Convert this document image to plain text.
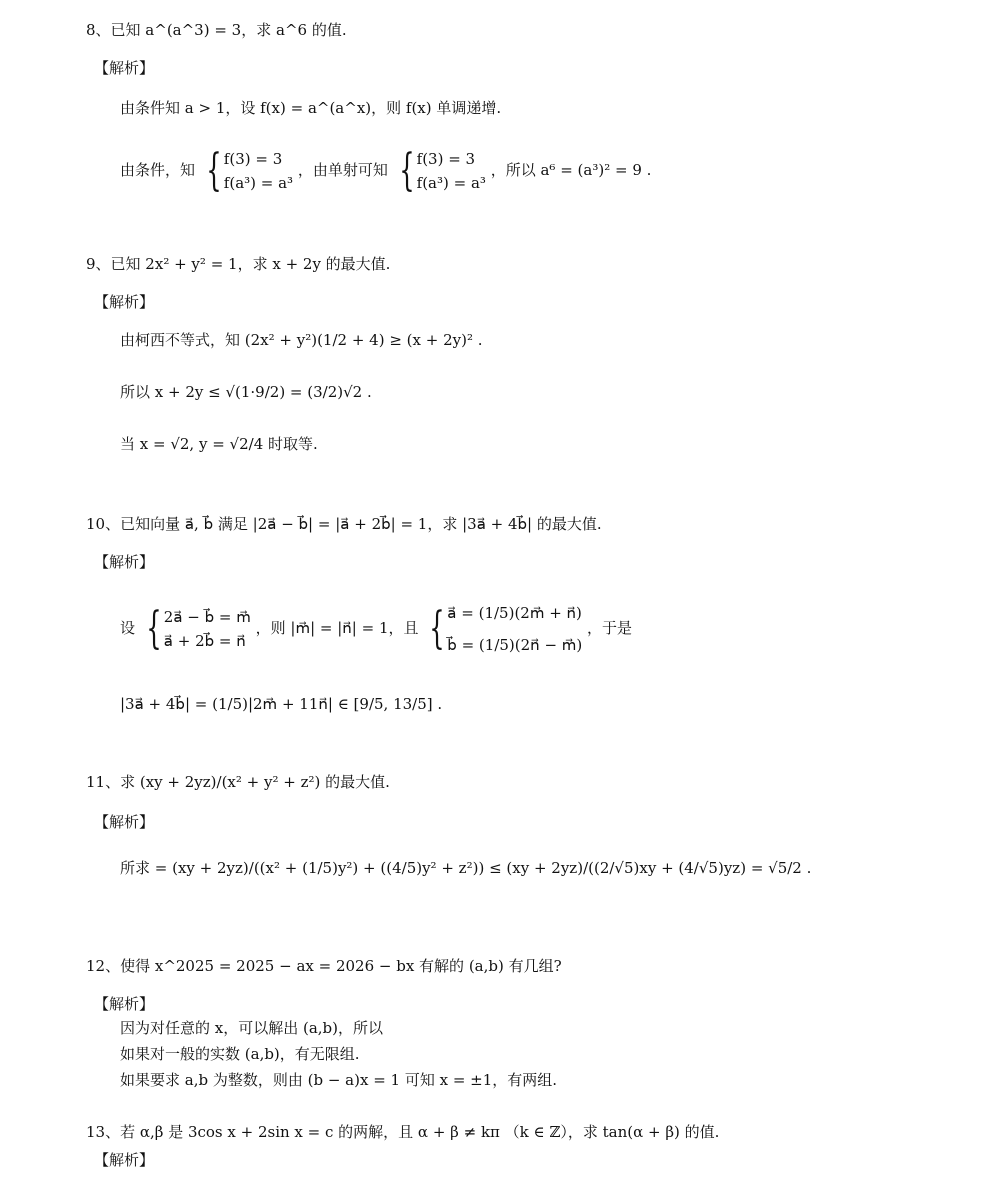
8、已知 a^(a^3) = 3，求 a^6 的值.
【解析】
由条件知 a > 1，设 f(x) = a^(a^x)，则 f(x) 单调递增.
由条件，知 { f(3) = 3
f(a³) = a³
，由单射可知 { f(3) = 3
f(a³) = a³
，所以 a⁶ = (a³)² = 9 .
9、已知 2x² + y² = 1，求 x + 2y 的最大值.
【解析】
由柯西不等式，知 (2x² + y²)(1/2 + 4) ≥ (x + 2y)² .
所以 x + 2y ≤ √(1·9/2) = (3/2)√2 .
当 x = √2, y = √2/4 时取等.
10、已知向量 a⃗, b⃗ 满足 |2a⃗ − b⃗| = |a⃗ + 2b⃗| = 1，求 |3a⃗ + 4b⃗| 的最大值.
【解析】
设 { 2a⃗ − b⃗ = m⃗
a⃗ + 2b⃗ = n⃗
，则 |m⃗| = |n⃗| = 1，且 { a⃗ = (1/5)(2m⃗ + n⃗)
b⃗ = (1/5)(2n⃗ − m⃗)
，于是
|3a⃗ + 4b⃗| = (1/5)|2m⃗ + 11n⃗| ∈ [9/5, 13/5] .
11、求 (xy + 2yz)/(x² + y² + z²) 的最大值.
【解析】
所求 = (xy + 2yz)/((x² + (1/5)y²) + ((4/5)y² + z²)) ≤ (xy + 2yz)/((2/√5)xy + (4/√5)yz) = √5/2 .
12、使得 x^2025 = 2025 − ax = 2026 − bx 有解的 (a,b) 有几组?
【解析】
因为对任意的 x，可以解出 (a,b)，所以
如果对一般的实数 (a,b)，有无限组.
如果要求 a,b 为整数，则由 (b − a)x = 1 可知 x = ±1，有两组.
13、若 α,β 是 3cos x + 2sin x = c 的两解，且 α + β ≠ kπ （k ∈ ℤ），求 tan(α + β) 的值.
【解析】
